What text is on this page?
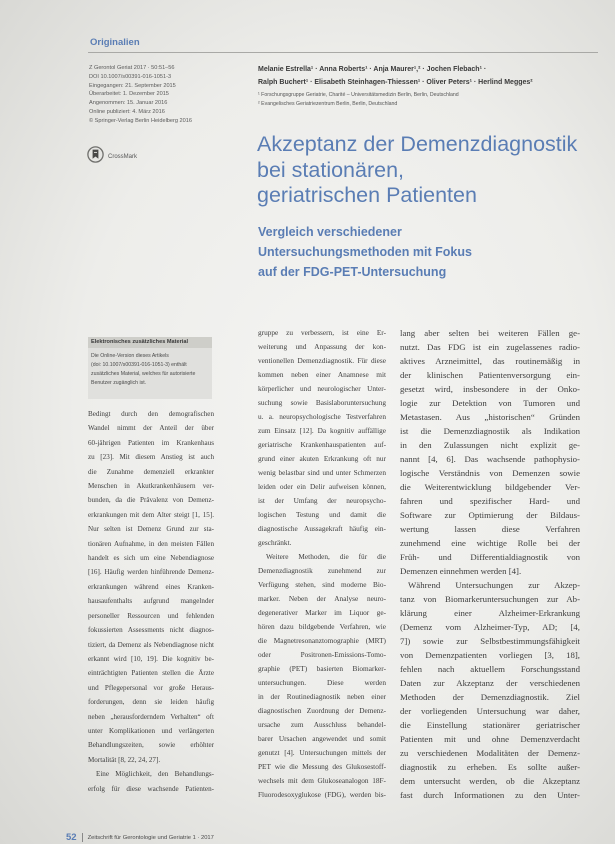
Originalien
Z Gerontol Geriat 2017 · 50:51–56
DOI 10.1007/s00391-016-1051-3
Eingegangen: 21. September 2015
Überarbeitet: 1. Dezember 2015
Angenommen: 15. Januar 2016
Online publiziert: 4. März 2016
© Springer-Verlag Berlin Heidelberg 2016
CrossMark
Melanie Estrella¹ · Anna Roberts¹ · Anja Maurer¹,² · Jochen Flebach¹ ·
Ralph Buchert¹ · Elisabeth Steinhagen-Thiessen¹ · Oliver Peters¹ · Herlind Megges²
¹ Forschungsgruppe Geriatrie, Charité – Universitätsmedizin Berlin, Berlin, Deutschland
² Evangelisches Geriatriezentrum Berlin, Berlin, Deutschland
Akzeptanz der Demenzdiagnostik
bei stationären,
geriatrischen Patienten
Vergleich verschiedener
Untersuchungsmethoden mit Fokus
auf der FDG-PET-Untersuchung
Elektronisches zusätzliches Material
Die Online-Version dieses Artikels
(doi: 10.1007/s00391-016-1051-3) enthält
zusätzliches Material, welches für autorisierte
Benutzer zugänglich ist.
Bedingt durch den demografischen
Wandel nimmt der Anteil der über
60-jährigen Patienten im Krankenhaus
zu [23]. Mit diesem Anstieg ist auch
die Zunahme demenziell erkrankter
Menschen in Akutkrankenhäusern ver-
bunden, da die Prävalenz von Demenz-
erkrankungen mit dem Alter steigt [1, 15].
Nur selten ist Demenz Grund zur sta-
tionären Aufnahme, in den meisten Fällen
handelt es sich um eine Nebendiagnose
[16]. Häufig werden hinführende Demenz-
erkrankungen während eines Kranken-
hausaufenthalts aufgrund mangelnder
personeller Ressourcen und fehlenden
fokussierten Assessments nicht diagnos-
tiziert, da Demenz als Nebendiagnose nicht
erkannt wird [10, 19]. Die kognitiv be-
einträchtigten Patienten stellen die Ärzte
und Pflegepersonal vor große Heraus-
forderungen, denn sie leiden häufig
neben „herausforderndem Verhalten“ oft
unter Komplikationen und verlängerten
Behandlungszeiten, sowie erhöhter
Mortalität [8, 22, 24, 27].
Eine Möglichkeit, den Behandlungs-
erfolg für diese wachsende Patienten-
gruppe zu verbessern, ist eine Er-
weiterung und Anpassung der kon-
ventionellen Demenzdiagnostik. Für diese
kommen neben einer Anamnese mit
körperlicher und neurologischer Unter-
suchung sowie Basislaboruntersuchung
u. a. neuropsychologische Testverfahren
zum Einsatz [12]. Da kognitiv auffällige
geriatrische Krankenhauspatienten auf-
grund einer akuten Erkrankung oft nur
wenig belastbar sind und unter Schmerzen
leiden oder ein Delir aufweisen können,
ist der Umfang der neuropsycho-
logischen Testung und damit die
diagnostische Aussagekraft häufig ein-
geschränkt.
Weitere Methoden, die für die
Demenzdiagnostik zunehmend zur
Verfügung stehen, sind moderne Bio-
marker. Neben der Analyse neuro-
degenerativer Marker im Liquor ge-
hören dazu bildgebende Verfahren, wie
die Magnetresonanztomographie (MRT)
oder Positronen-Emissions-Tomo-
graphie (PET) basierten Biomarker-
untersuchungen. Diese werden
in der Routinediagnostik neben einer
diagnostischen Zuordnung der Demenz-
ursache zum Ausschluss behandel-
barer Ursachen angewendet und somit
genutzt [4]. Untersuchungen mittels der
PET wie die Messung des Glukosestoff-
wechsels mit dem Glukoseanalogon 18F-
Fluorodesoxyglukose (FDG), werden bis-
lang aber selten bei weiteren Fällen ge-
nutzt. Das FDG ist ein zugelassenes radio-
aktives Arzneimittel, das routinemäßig in
der klinischen Patientenversorgung ein-
gesetzt wird, insbesondere in der Onko-
logie zur Detektion von Tumoren und
Metastasen. Aus „historischen“ Gründen
ist die Demenzdiagnostik als Indikation
in den Zulassungen nicht explizit ge-
nannt [4, 6]. Das wachsende pathophysio-
logische Verständnis von Demenzen sowie
die Weiterentwicklung bildgebender Ver-
fahren und spezifischer Hard- und
Software zur Optimierung der Bildaus-
wertung lassen diese Verfahren
zunehmend eine wichtige Rolle bei der
Früh- und Differentialdiagnostik von
Demenzen einnehmen werden [4].
Während Untersuchungen zur Akzep-
tanz von Biomarkeruntersuchungen zur Ab-
klärung einer Alzheimer-Erkrankung
(Demenz vom Alzheimer-Typ, AD; [4,
7]) sowie zur Selbstbestimmungsfähigkeit
von Demenzpatienten vorliegen [3, 18],
fehlen nach aktuellem Forschungsstand
Daten zur Akzeptanz der verschiedenen
Methoden der Demenzdiagnostik. Ziel
der vorliegenden Untersuchung war daher,
die Einstellung stationärer geriatrischer
Patienten mit und ohne Demenzverdacht
zu verschiedenen Modalitäten der Demenz-
diagnostik zu erheben. Es sollte außer-
dem untersucht werden, ob die Akzeptanz
fast durch Informationen zu den Unter-
52 Zeitschrift für Gerontologie und Geriatrie 1 · 2017
